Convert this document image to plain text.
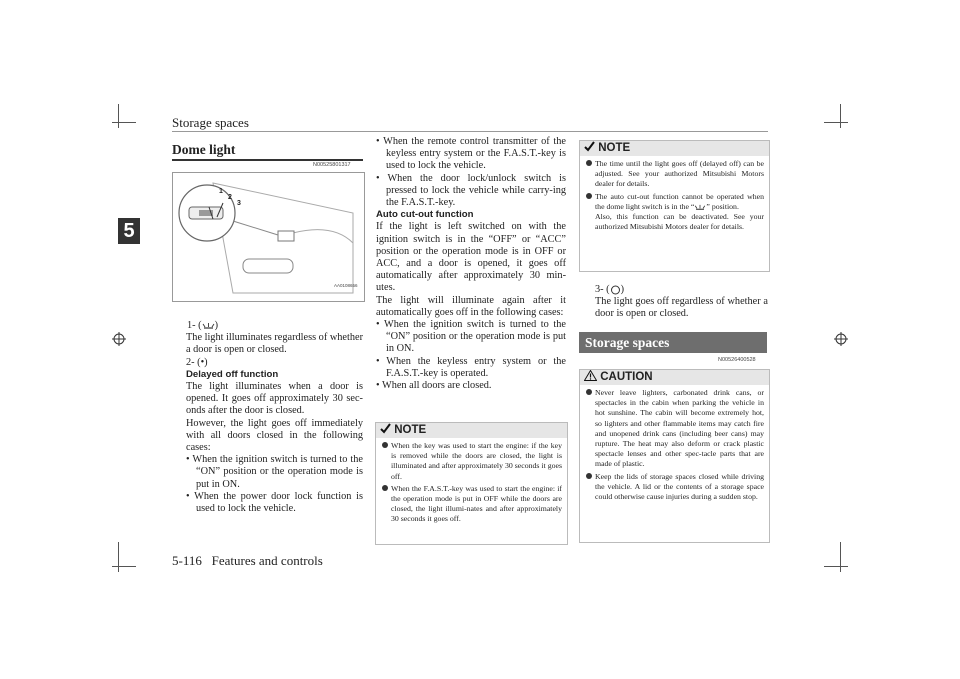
Storage spaces
5
Dome light
N00525801317
1
2
3
AA0108656

1- ( )

The light illuminates regardless of whether a door is open or closed.

2- (•)

Delayed off function

The light illuminates when a door is opened. It goes off approximately 30 sec-onds after the door is closed.

However, the light goes off immediately with all doors closed in the following cases:

• When the ignition switch is turned to the “ON” position or the operation mode is put in ON.

• When the power door lock function is used to lock the vehicle.

• When the remote control transmitter of the keyless entry system or the F.A.S.T.-key is used to lock the vehicle.

• When the door lock/unlock switch is pressed to lock the vehicle while carry-ing the F.A.S.T.-key.

Auto cut-out function

If the light is left switched on with the ignition switch is in the “OFF” or “ACC” position or the operation mode is in OFF or ACC, and a door is opened, it goes off automatically after approximately 30 min-utes.

The light will illuminate again after it automatically goes off in the following cases:

• When the ignition switch is turned to the “ON” position or the operation mode is put in ON.

• When the keyless entry system or the F.A.S.T.-key is operated.

• When all doors are closed.

NOTE

When the key was used to start the engine: if the key is removed while the doors are closed, the light is illuminated and after approximately 30 seconds it goes off.

When the F.A.S.T.-key was used to start the engine: if the operation mode is put in OFF while the doors are closed, the light illumi-nates and after approximately 30 seconds it goes off.

NOTE

The time until the light goes off (delayed off) can be adjusted. See your authorized Mitsubishi Motors dealer for details.

The auto cut-out function cannot be operated when the dome light switch is in the “ ” position.
Also, this function can be deactivated. See your authorized Mitsubishi Motors dealer for details.

3- ( )

The light goes off regardless of whether a door is open or closed.

Storage spaces
N00526400528
CAUTION

Never leave lighters, carbonated drink cans, or spectacles in the cabin when parking the vehicle in hot sunshine. The cabin will become extremely hot, so lighters and other flammable items may catch fire and unopened drink cans (including beer cans) may rupture. The heat may also deform or crack plastic spectacle lenses and other spec-tacle parts that are made of plastic.

Keep the lids of storage spaces closed while driving the vehicle. A lid or the contents of a storage space could otherwise cause injuries during a sudden stop.

5-116 Features and controls
